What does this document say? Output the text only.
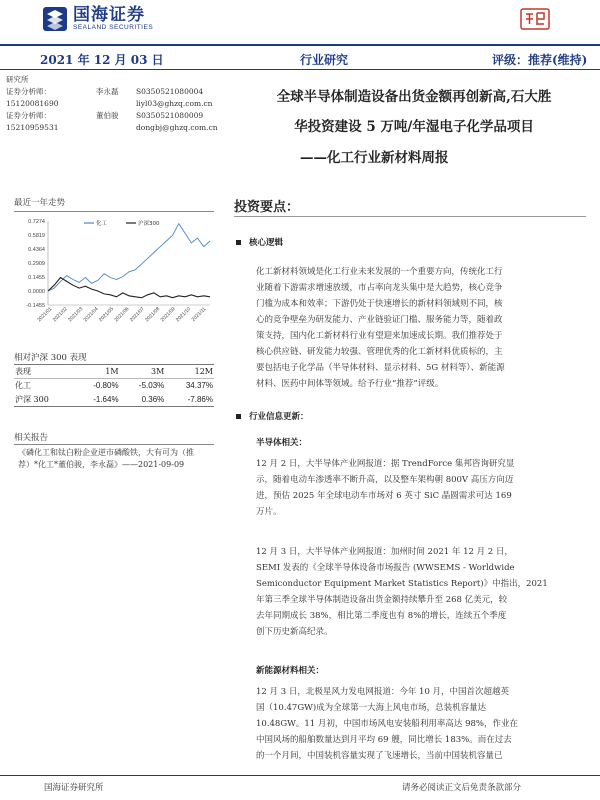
国海证券
SEALAND SECURITIES
2021 年 12 月 03 日	行业研究	评级：推荐(维持)
研究所
证券分析师：	李永磊	S0350521080004
15120081690	liyl03@ghzq.com.cn
证券分析师：	董伯骏	S0350521080009
15210959531	dongbj@ghzq.com.cn
全球半导体制造设备出货金额再创新高,石大胜
华投资建设 5 万吨/年湿电子化学品项目
——化工行业新材料周报
最近一年走势
0.7274
0.5819
0.4364
0.2909
0.1455
0.0000
-0.1455
2021/01
2021/02
2021/03
2021/04
2021/05
2021/06
2021/07
2021/08
2021/09
2021/10
2021/11
化工	沪深300
相对沪深 300 表现
表现	1M	3M	12M
化工	-0.80%	-5.03%	34.37%
沪深 300	-1.64%	0.36%	-7.86%
相关报告
《磷化工和钛白粉企业逆市磷酸铁，大有可为（推
荐）*化工*董伯骏，李永磊》——2021-09-09
投资要点：
核心逻辑
化工新材料领域是化工行业未来发展的一个重要方向，传统化工行
业随着下游需求增速放缓，市占率向龙头集中是大趋势，核心竞争
门槛为成本和效率；下游仍处于快速增长的新材料领域则不同，核
心的竞争壁垒为研发能力、产业链验证门槛、服务能力等，随着政
策支持，国内化工新材料行业有望迎来加速成长期。我们推荐处于
核心供应链、研发能力较强、管理优秀的化工新材料优质标的，主
要包括电子化学品（半导体材料、显示材料、5G 材料等）、新能源
材料、医药中间体等领域。给予行业“推荐”评级。
行业信息更新：
半导体相关：
12 月 2 日，大半导体产业网报道：据 TrendForce 集邦咨询研究显
示，随着电动车渗透率不断升高，以及整车架构朝 800V 高压方向迈
进，预估 2025 年全球电动车市场对 6 英寸 SiC 晶圆需求可达 169
万片。
12 月 3 日，大半导体产业网报道：加州时间 2021 年 12 月 2 日，
SEMI 发表的《全球半导体设备市场报告 (WWSEMS - Worldwide
Semiconductor Equipment Market Statistics Report)》中指出，2021
年第三季全球半导体制造设备出货金额持续攀升至 268 亿美元，较
去年同期成长 38%，相比第二季度也有 8%的增长，连续五个季度
创下历史新高纪录。
新能源材料相关：
12 月 3 日，北极星风力发电网报道：今年 10 月，中国首次超越英
国（10.47GW)成为全球第一大海上风电市场，总装机容量达
10.48GW。11 月初，中国市场风电安装船利用率高达 98%，作业在
中国风场的船舶数量达到月平均 69 艘，同比增长 183%。而在过去
的一个月间，中国装机容量实现了飞速增长，当前中国装机容量已
国海证券研究所	请务必阅读正文后免责条款部分
